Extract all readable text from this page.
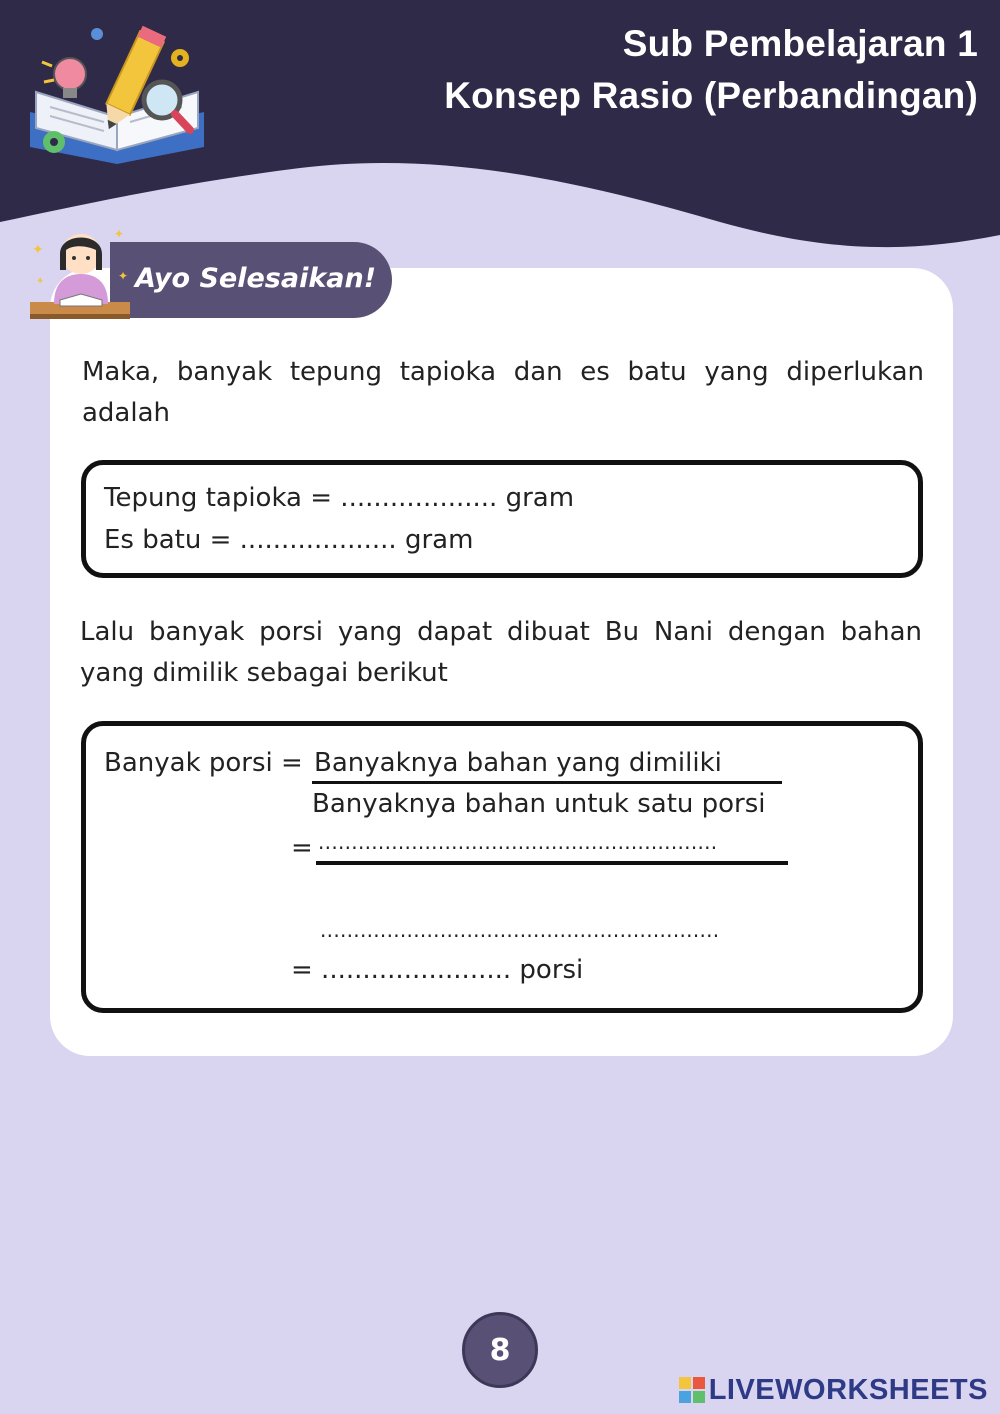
Sub Pembelajaran 1
Konsep Rasio (Perbandingan)
Ayo Selesaikan!
✦
✦
✦
✦
Maka, banyak tepung tapioka dan es batu yang diperlukan adalah
Tepung tapioka = ................... gram
Es batu = ................... gram
Lalu banyak porsi yang dapat dibuat Bu Nani dengan bahan yang dimilik sebagai berikut
Banyak porsi = Banyaknya bahan yang dimiliki
Banyaknya bahan untuk satu porsi
= ............................................................
............................................................
= ....................... porsi
8
LIVEWORKSHEETS
